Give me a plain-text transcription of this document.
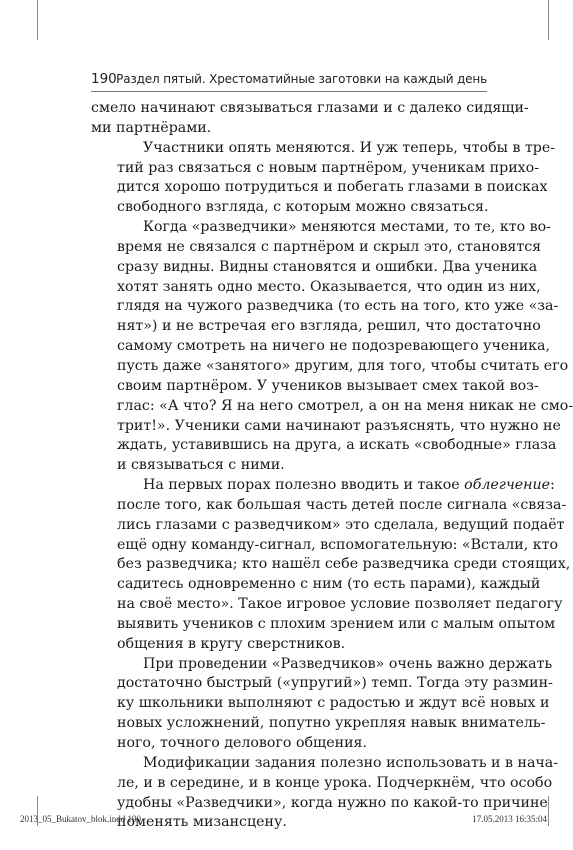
190 Раздел пятый. Хрестоматийные заготовки на каждый день

смело начинают связываться глазами и с далеко сидящи-
ми партнёрами.

Участники опять меняются. И уж теперь, чтобы в тре-
тий раз связаться с новым партнёром, ученикам прихо-
дится хорошо потрудиться и побегать глазами в поисках
свободного взгляда, с которым можно связаться.

Когда «разведчики» меняются местами, то те, кто во-
время не связался с партнёром и скрыл это, становятся
сразу видны. Видны становятся и ошибки. Два ученика
хотят занять одно место. Оказывается, что один из них,
глядя на чужого разведчика (то есть на того, кто уже «за-
нят») и не встречая его взгляда, решил, что достаточно
самому смотреть на ничего не подозревающего ученика,
пусть даже «занятого» другим, для того, чтобы считать его
своим партнёром. У учеников вызывает смех такой воз-
глас: «А что? Я на него смотрел, а он на меня никак не смо-
трит!». Ученики сами начинают разъяснять, что нужно не
ждать, уставившись на друга, а искать «свободные» глаза
и связываться с ними.

На первых порах полезно вводить и такое облегчение:
после того, как большая часть детей после сигнала «связа-
лись глазами с разведчиком» это сделала, ведущий подаёт
ещё одну команду-сигнал, вспомогательную: «Встали, кто
без разведчика; кто нашёл себе разведчика среди стоящих,
садитесь одновременно с ним (то есть парами), каждый
на своё место». Такое игровое условие позволяет педагогу
выявить учеников с плохим зрением или с малым опытом
общения в кругу сверстников.

При проведении «Разведчиков» очень важно держать
достаточно быстрый («упругий») темп. Тогда эту размин-
ку школьники выполняют с радостью и ждут всё новых и
новых усложнений, попутно укрепляя навык вниматель-
ного, точного делового общения.

Модификации задания полезно использовать и в нача-
ле, и в середине, и в конце урока. Подчеркнём, что особо
удобны «Разведчики», когда нужно по какой-то причине
поменять мизансцену.

2013_05_Bukatov_blok.indd 190	17.05.2013 16:35:04
